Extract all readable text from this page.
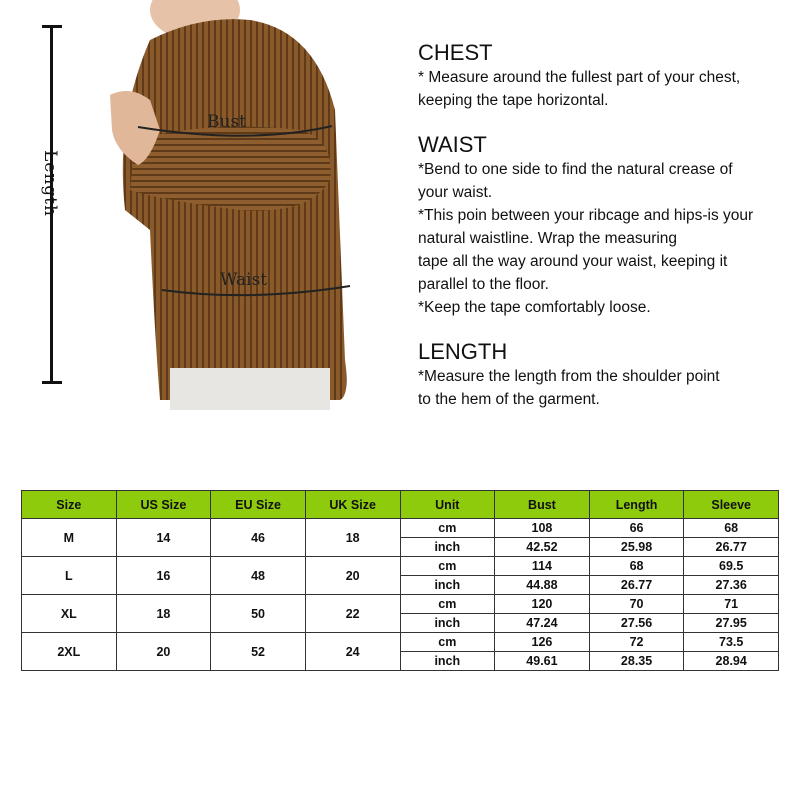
Length
Bust
Waist
CHEST

* Measure around the fullest part of your chest,

keeping the tape horizontal.

WAIST

*Bend to one side to find the natural crease of

your waist.

*This poin between your ribcage and hips-is your

natural waistline. Wrap the measuring

tape all the way around your waist, keeping it

parallel to the floor.

*Keep the tape comfortably loose.

LENGTH

*Measure the length from the shoulder point

to the hem of the garment.

Size	US Size	EU Size	UK Size	Unit	Bust	Length	Sleeve
M	14	46	18	cm	108	66	68
				inch	42.52	25.98	26.77
L	16	48	20	cm	114	68	69.5
				inch	44.88	26.77	27.36
XL	18	50	22	cm	120	70	71
				inch	47.24	27.56	27.95
2XL	20	52	24	cm	126	72	73.5
				inch	49.61	28.35	28.94
